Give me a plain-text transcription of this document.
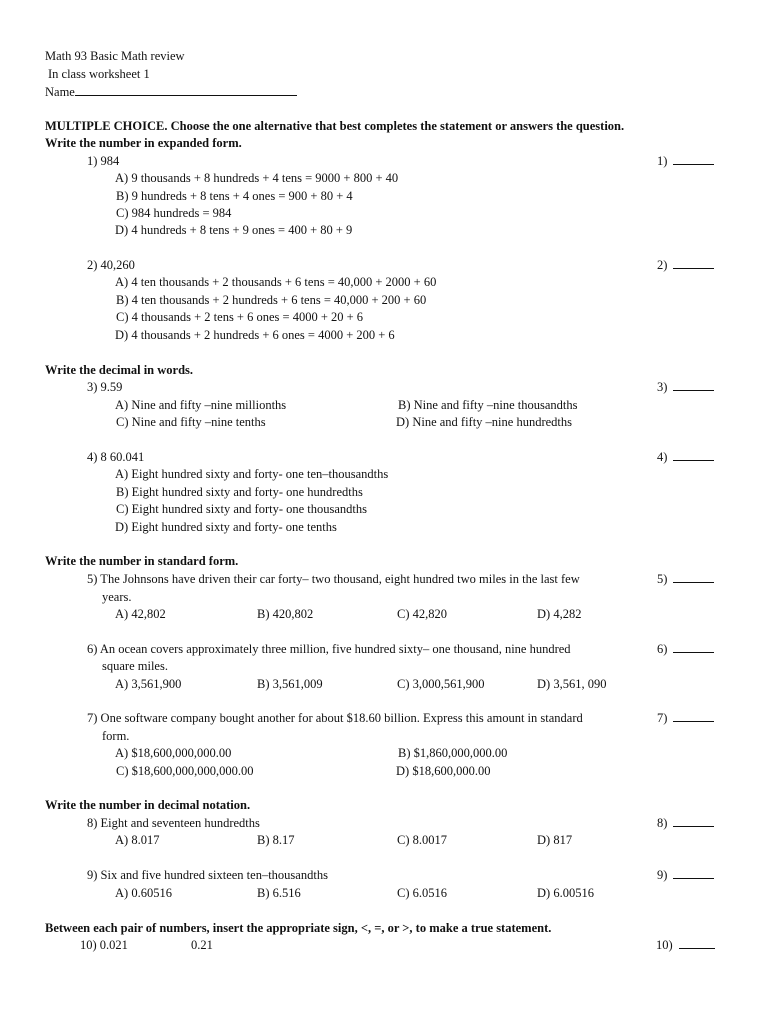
Math 93 Basic Math review
In class worksheet 1
Name
MULTIPLE CHOICE. Choose the one alternative that best completes the statement or answers the question.
Write the number in expanded form.
1) 984	1)
A) 9 thousands + 8 hundreds + 4 tens = 9000 + 800 + 40
B) 9 hundreds + 8 tens + 4 ones = 900 + 80 + 4
C) 984 hundreds = 984
D) 4 hundreds + 8 tens + 9 ones = 400 + 80 + 9
2) 40,260	2)
A) 4 ten thousands + 2 thousands + 6 tens = 40,000 + 2000 + 60
B) 4 ten thousands + 2 hundreds + 6 tens = 40,000 + 200 + 60
C) 4 thousands + 2 tens + 6 ones = 4000 + 20 + 6
D) 4 thousands + 2 hundreds + 6 ones = 4000 + 200 + 6
Write the decimal in words.
3) 9.59	3)
A) Nine and fifty –nine millionths	B) Nine and fifty –nine thousandths
C) Nine and fifty –nine tenths	D) Nine and fifty –nine hundredths
4) 8 60.041	4)
A) Eight hundred sixty and forty- one ten–thousandths
B) Eight hundred sixty and forty- one hundredths
C) Eight hundred sixty and forty- one thousandths
D) Eight hundred sixty and forty- one tenths
Write the number in standard form.
5) The Johnsons have driven their car forty– two thousand, eight hundred two miles in the last few	5)
years.
A) 42,802	B) 420,802	C) 42,820	D) 4,282
6) An ocean covers approximately three million, five hundred sixty– one thousand, nine hundred	6)
square miles.
A) 3,561,900	B) 3,561,009	C) 3,000,561,900	D) 3,561, 090
7) One software company bought another for about $18.60 billion. Express this amount in standard	7)
form.
A) $18,600,000,000.00	B) $1,860,000,000.00
C) $18,600,000,000,000.00	D) $18,600,000.00
Write the number in decimal notation.
8) Eight and seventeen hundredths	8)
A) 8.017	B) 8.17	C) 8.0017	D) 817
9) Six and five hundred sixteen ten–thousandths	9)
A) 0.60516	B) 6.516	C) 6.0516	D) 6.00516
Between each pair of numbers, insert the appropriate sign, <, =, or >, to make a true statement.
10) 0.021	0.21	10)
